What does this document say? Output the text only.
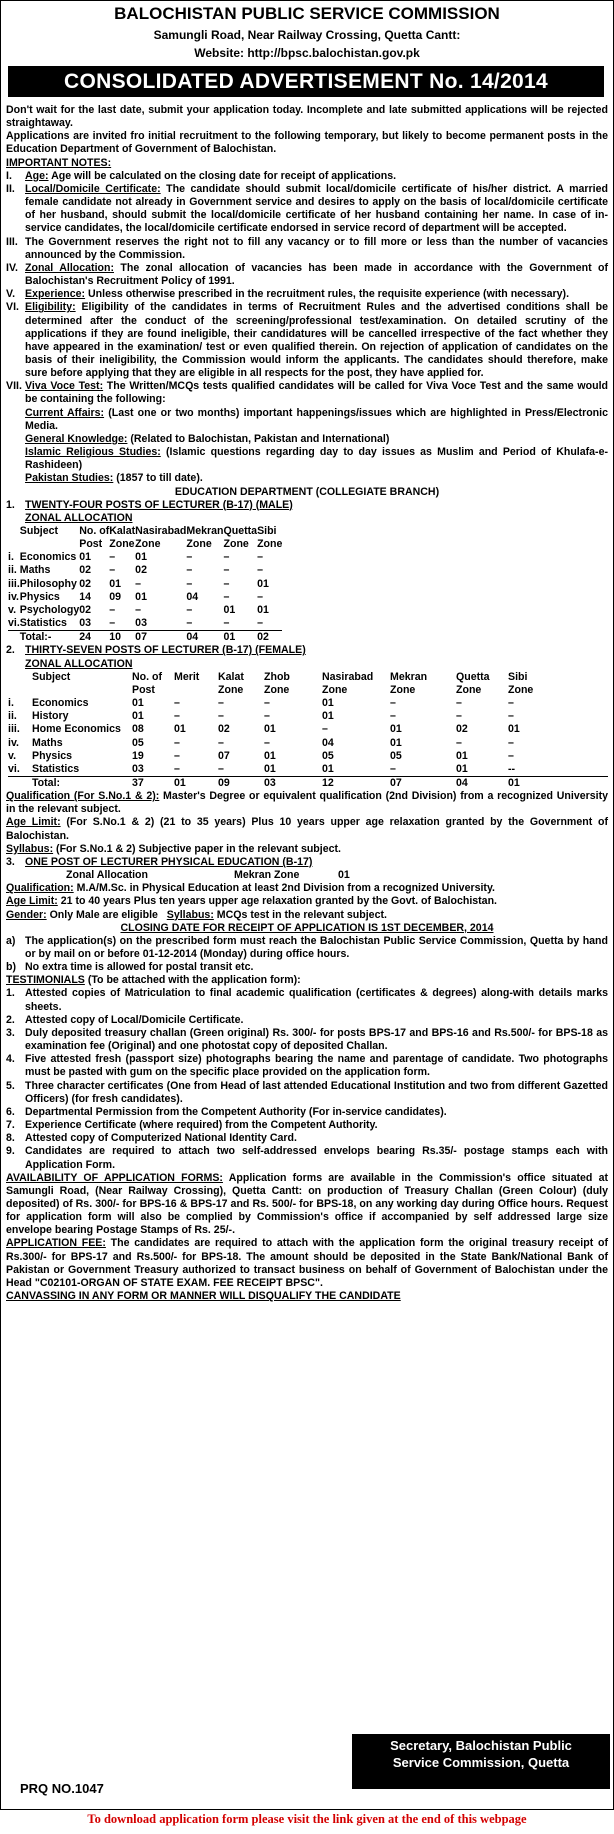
BALOCHISTAN PUBLIC SERVICE COMMISSION
Samungli Road, Near Railway Crossing, Quetta Cantt:
Website: http://bpsc.balochistan.gov.pk
CONSOLIDATED ADVERTISEMENT No. 14/2014

Don't wait for the last date, submit your application today. Incomplete and late submitted applications will be rejected straightaway.

Applications are invited fro initial recruitment to the following temporary, but likely to become permanent posts in the Education Department of Government of Balochistan.

IMPORTANT NOTES:

I.	Age: Age will be calculated on the closing date for receipt of applications.
II. Local/Domicile Certificate: The candidate should submit local/domicile certificate of his/her district. A married female candidate not already in Government service and desires to apply on the basis of local/domicile certificate of her husband, should submit the local/domicile certificate of her husband containing her name. In case of in-service candidates, the local/domicile certificate endorsed in service record of department will be accepted.
III. The Government reserves the right not to fill any vacancy or to fill more or less than the number of vacancies announced by the Commission.
IV. Zonal Allocation: The zonal allocation of vacancies has been made in accordance with the Government of Balochistan's Recruitment Policy of 1991.
V. Experience: Unless otherwise prescribed in the recruitment rules, the requisite experience (with necessary).
VI. Eligibility: Eligibility of the candidates in terms of Recruitment Rules and the advertised conditions shall be determined after the conduct of the screening/professional test/examination. On detailed scrutiny of the applications if they are found ineligible, their candidatures will be cancelled irrespective of the fact whether they have appeared in the examination/ test or even qualified therein. On rejection of application of candidates on the basis of their ineligibility, the Commission would inform the applicants. The candidates should therefore, make sure before applying that they are eligible in all respects for the post, they have applied for.
VII. Viva Voce Test: The Written/MCQs tests qualified candidates will be called for Viva Voce Test and the same would be containing the following:

Current Affairs: (Last one or two months) important happenings/issues which are highlighted in Press/Electronic Media.

General Knowledge: (Related to Balochistan, Pakistan and International)

Islamic Religious Studies: (Islamic questions regarding day to day issues as Muslim and Period of Khulafa-e-Rashideen)

Pakistan Studies: (1857 to till date).

EDUCATION DEPARTMENT (COLLEGIATE BRANCH)

1. TWENTY-FOUR POSTS OF LECTURER (B-17) (MALE)

ZONAL ALLOCATION

	Subject	No. of	Kalat	Nasirabad	Mekran	Quetta	Sibi
		Post	Zone	Zone	Zone	Zone	Zone
i.	Economics	01	–	01	–	–	–
ii.	Maths	02	–	02	–	–	–
iii.	Philosophy	02	01	–	–	–	01
iv.	Physics	14	09	01	04	–	–
v.	Psychology	02	–	–	–	01	01
vi.	Statistics	03	–	03	–	–	–
	Total:-	24	10	07	04	01	02
2. THIRTY-SEVEN POSTS OF LECTURER (B-17) (FEMALE)

ZONAL ALLOCATION

	Subject	No. of	Merit	Kalat	Zhob	Nasirabad	Mekran	Quetta	Sibi
		Post		Zone	Zone	Zone	Zone	Zone	Zone
i.	Economics	01	–	–	–	01	–	–	–
ii.	History	01	–	–	–	01	–	–	–
iii.	Home Economics	08	01	02	01	–	01	02	01
iv.	Maths	05	–	–	–	04	01	–	–
v.	Physics	19	–	07	01	05	05	01	–
vi.	Statistics	03	–	–	01	01	–	01	--
	Total:	37	01	09	03	12	07	04	01

Qualification (For S.No.1 & 2): Master's Degree or equivalent qualification (2nd Division) from a recognized University in the relevant subject.

Age Limit: (For S.No.1 & 2) (21 to 35 years) Plus 10 years upper age relaxation granted by the Government of Balochistan.

Syllabus: (For S.No.1 & 2) Subjective paper in the relevant subject.

3. ONE POST OF LECTURER PHYSICAL EDUCATION (B-17)
Zonal Allocation	Mekran Zone	01

Qualification: M.A/M.Sc. in Physical Education at least 2nd Division from a recognized University.

Age Limit: 21 to 40 years Plus ten years upper age relaxation granted by the Govt. of Balochistan.

Gender: Only Male are eligible   Syllabus: MCQs test in the relevant subject.

CLOSING DATE FOR RECEIPT OF APPLICATION IS 1ST DECEMBER, 2014

a) The application(s) on the prescribed form must reach the Balochistan Public Service Commission, Quetta by hand or by mail on or before 01-12-2014 (Monday) during office hours.
b) No extra time is allowed for postal transit etc.

TESTIMONIALS (To be attached with the application form):

1. Attested copies of Matriculation to final academic qualification (certificates & degrees) along-with details marks sheets.
2. Attested copy of Local/Domicile Certificate.
3. Duly deposited treasury challan (Green original) Rs. 300/- for posts BPS-17 and BPS-16 and Rs.500/- for BPS-18 as examination fee (Original) and one photostat copy of deposited Challan.
4. Five attested fresh (passport size) photographs bearing the name and parentage of candidate. Two photographs must be pasted with gum on the specific place provided on the application form.
5. Three character certificates (One from Head of last attended Educational Institution and two from different Gazetted Officers) (for fresh candidates).
6. Departmental Permission from the Competent Authority (For in-service candidates).
7. Experience Certificate (where required) from the Competent Authority.
8. Attested copy of Computerized National Identity Card.
9. Candidates are required to attach two self-addressed envelops bearing Rs.35/- postage stamps each with Application Form.

AVAILABILITY OF APPLICATION FORMS: Application forms are available in the Commission's office situated at Samungli Road, (Near Railway Crossing), Quetta Cantt: on production of Treasury Challan (Green Colour) (duly deposited) of Rs. 300/- for BPS-16 & BPS-17 and Rs. 500/- for BPS-18, on any working day during Office hours. Request for application form will also be complied by Commission's office if accompanied by self addressed large size envelope bearing Postage Stamps of Rs. 25/-.

APPLICATION FEE: The candidates are required to attach with the application form the original treasury receipt of Rs.300/- for BPS-17 and Rs.500/- for BPS-18. The amount should be deposited in the State Bank/National Bank of Pakistan or Government Treasury authorized to transact business on behalf of Government of Balochistan under the Head "C02101-ORGAN OF STATE EXAM. FEE RECEIPT BPSC".

CANVASSING IN ANY FORM OR MANNER WILL DISQUALIFY THE CANDIDATE

Secretary, Balochistan Public
Service Commission, Quetta
PRQ NO.1047
To download application form please visit the link given at the end of this webpage
